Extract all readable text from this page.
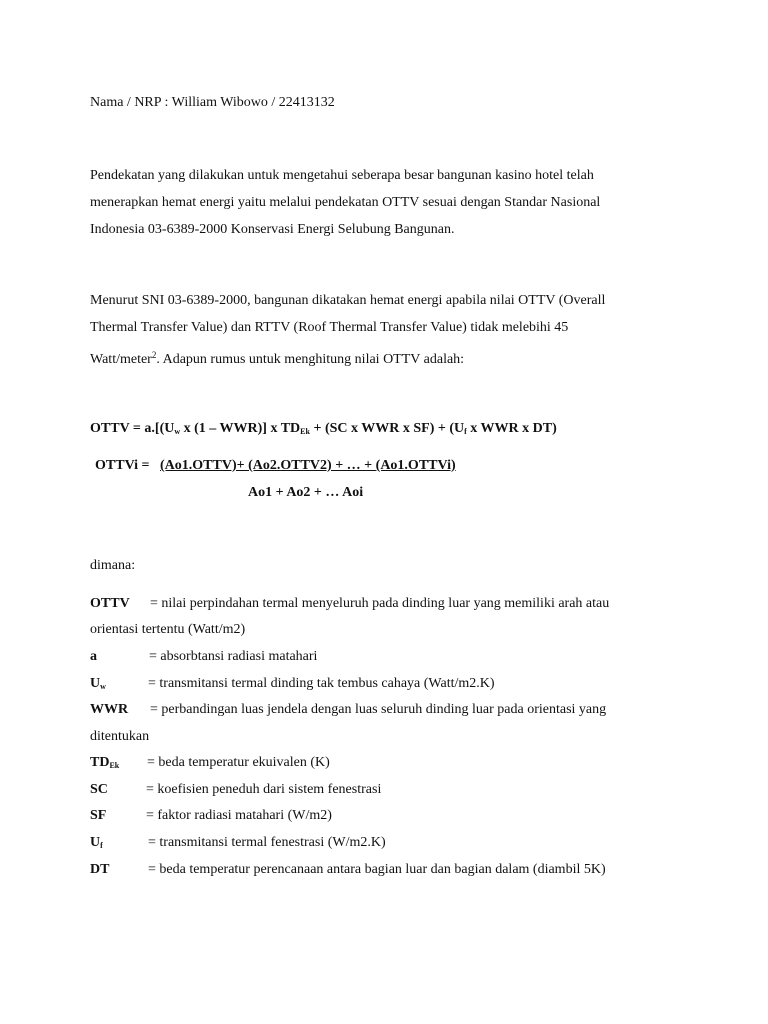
Nama / NRP : William Wibowo / 22413132
Pendekatan yang dilakukan untuk mengetahui seberapa besar bangunan kasino hotel telah
menerapkan hemat energi yaitu melalui pendekatan OTTV sesuai dengan Standar Nasional
Indonesia 03-6389-2000 Konservasi Energi Selubung Bangunan.
Menurut SNI 03-6389-2000, bangunan dikatakan hemat energi apabila nilai OTTV (Overall
Thermal Transfer Value) dan RTTV (Roof Thermal Transfer Value) tidak melebihi 45
Watt/meter$^2$. Adapun rumus untuk menghitung nilai OTTV adalah:
OTTV = $a.[(U_w$ x (1 – WWR)] x $TD_{Ek} + (SC$ x WWR x $SF) + (U_f$ x WWR x DT)
OTTVi = (Ao1.OTTV)+ (Ao2.OTTV2) + … + (Ao1.OTTVi)
Ao1 + Ao2 + … Aoi
dimana:
OTTV = nilai perpindahan termal menyeluruh pada dinding luar yang memiliki arah atau
orientasi tertentu (Watt/m2)
a	= absorbtansi radiasi matahari
$U_w$	= transmitansi termal dinding tak tembus cahaya (Watt/m2.K)
WWR = perbandingan luas jendela dengan luas seluruh dinding luar pada orientasi yang
ditentukan
$TD_{Ek}$ = beda temperatur ekuivalen (K)
SC	= koefisien peneduh dari sistem fenestrasi
SF	= faktor radiasi matahari (W/m2)
$U_f$	= transmitansi termal fenestrasi (W/m2.K)
DT	= beda temperatur perencanaan antara bagian luar dan bagian dalam (diambil 5K)
